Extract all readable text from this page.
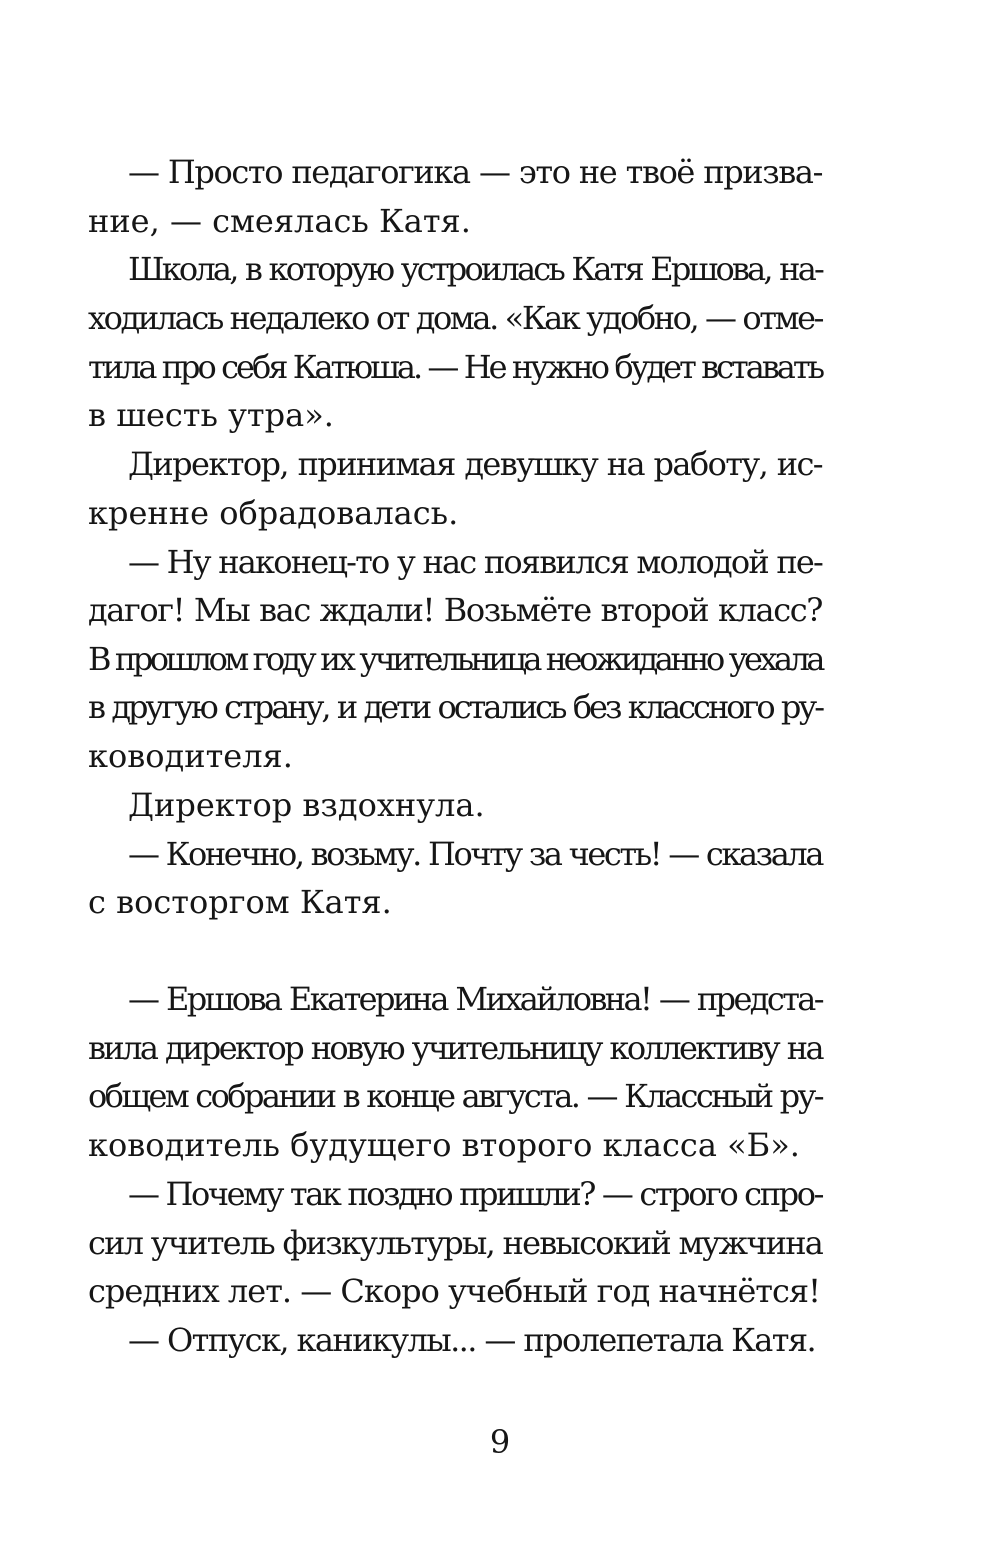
— Просто педагогика — это не твоё призва-
ние, — смеялась Катя.
Школа, в которую устроилась Катя Ершова, на-
ходилась недалеко от дома. «Как удобно, — отме-
тила про себя Катюша. — Не нужно будет вставать
в шесть утра».
Директор, принимая девушку на работу, ис-
кренне обрадовалась.
— Ну наконец-то у нас появился молодой пе-
дагог! Мы вас ждали! Возьмёте второй класс?
В прошлом году их учительница неожиданно уехала
в другую страну, и дети остались без классного ру-
ководителя.
Директор вздохнула.
— Конечно, возьму. Почту за честь! — сказала
с восторгом Катя.
— Ершова Екатерина Михайловна! — предста-
вила директор новую учительницу коллективу на
общем собрании в конце августа. — Классный ру-
ководитель будущего второго класса «Б».
— Почему так поздно пришли? — строго спро-
сил учитель физкультуры, невысокий мужчина
средних лет. — Скоро учебный год начнётся!
— Отпуск, каникулы... — пролепетала Катя.
9
